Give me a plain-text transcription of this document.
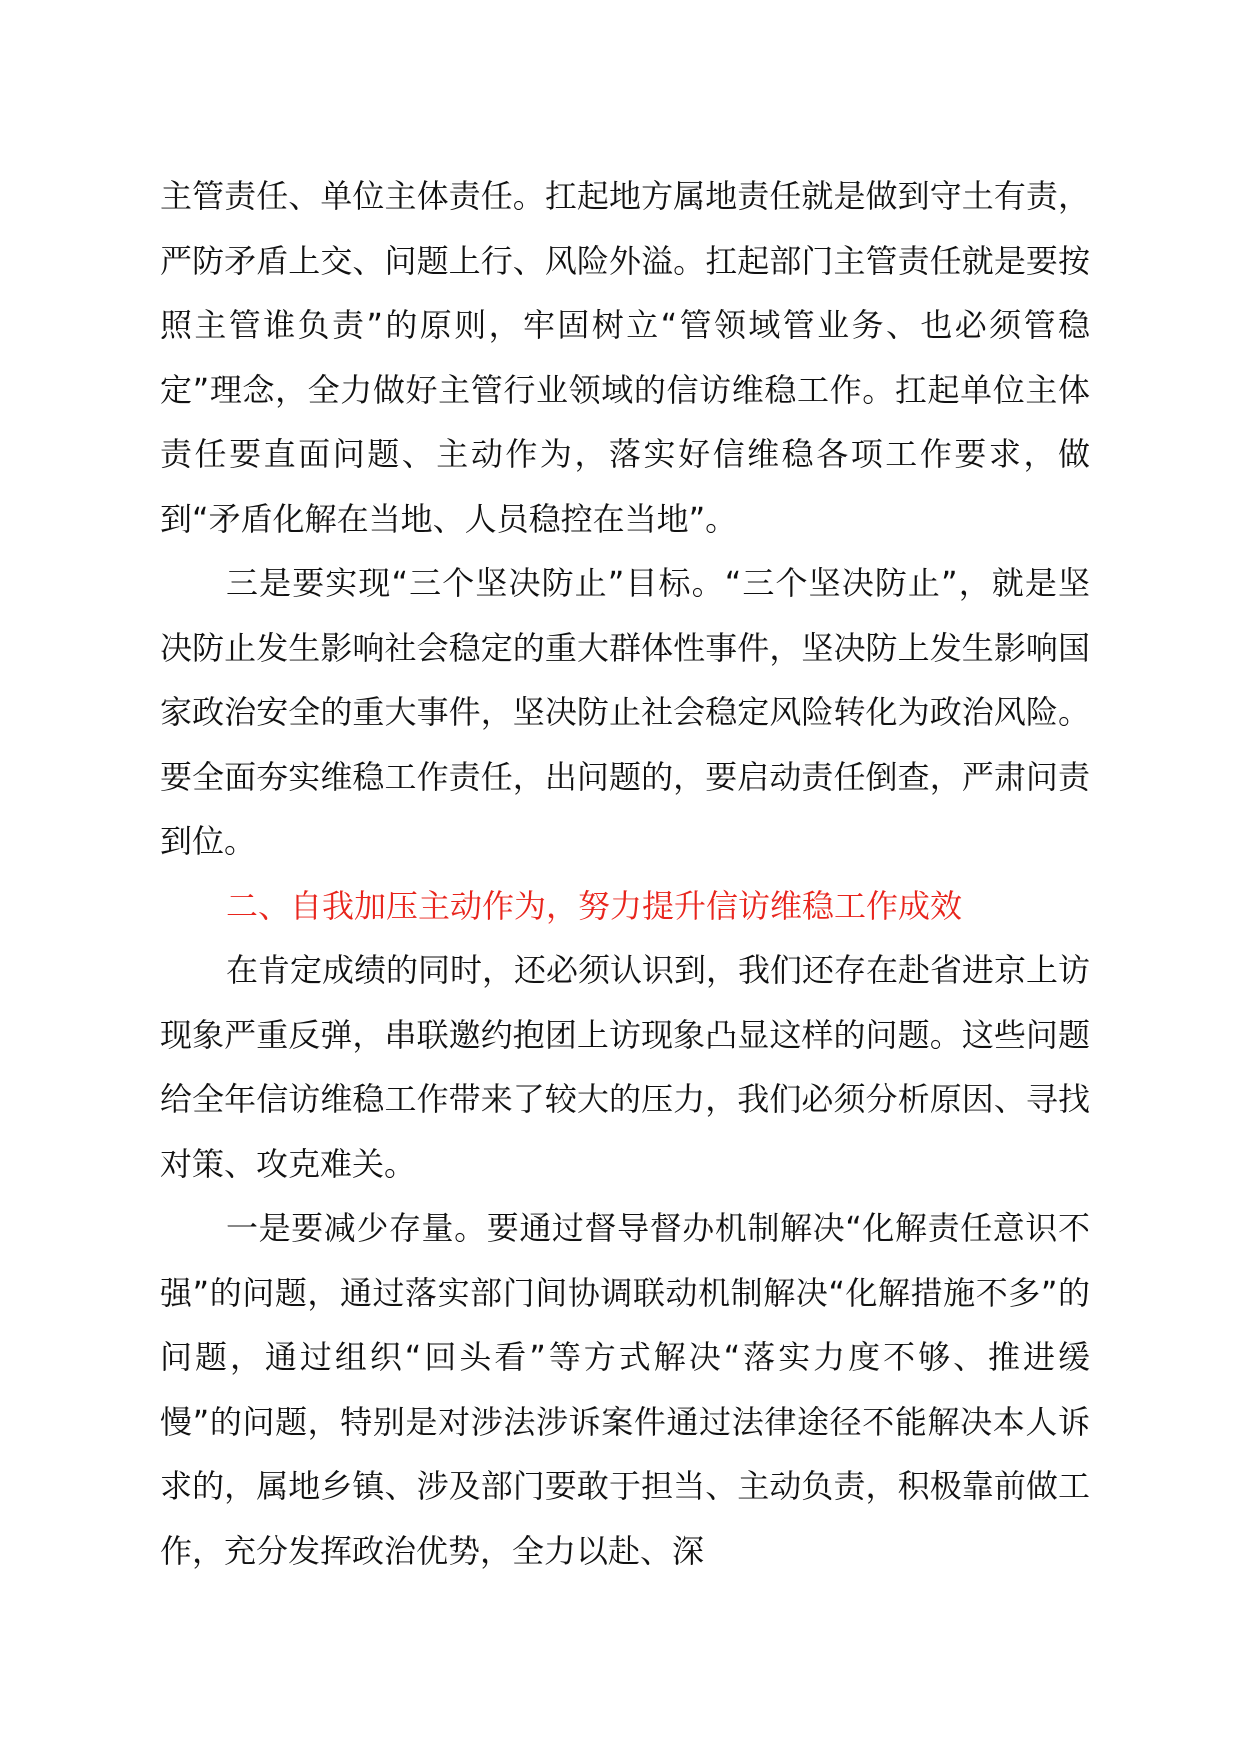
主管责任、单位主体责任。扛起地方属地责任就是做到守土有责，严防矛盾上交、问题上行、风险外溢。扛起部门主管责任就是要按照主管谁负责”的原则，牢固树立“管领域管业务、也必须管稳定”理念，全力做好主管行业领域的信访维稳工作。扛起单位主体责任要直面问题、主动作为，落实好信维稳各项工作要求，做到“矛盾化解在当地、人员稳控在当地”。

三是要实现“三个坚决防止”目标。“三个坚决防止”，就是坚决防止发生影响社会稳定的重大群体性事件，坚决防上发生影响国家政治安全的重大事件，坚决防止社会稳定风险转化为政治风险。要全面夯实维稳工作责任，出问题的，要启动责任倒查，严肃问责到位。

二、自我加压主动作为，努力提升信访维稳工作成效

在肯定成绩的同时，还必须认识到，我们还存在赴省进京上访现象严重反弹，串联邀约抱团上访现象凸显这样的问题。这些问题给全年信访维稳工作带来了较大的压力，我们必须分析原因、寻找对策、攻克难关。

一是要减少存量。要通过督导督办机制解决“化解责任意识不强”的问题，通过落实部门间协调联动机制解决“化解措施不多”的问题，通过组织“回头看”等方式解决“落实力度不够、推进缓慢”的问题，特别是对涉法涉诉案件通过法律途径不能解决本人诉求的，属地乡镇、涉及部门要敢于担当、主动负责，积极靠前做工作，充分发挥政治优势，全力以赴、深
